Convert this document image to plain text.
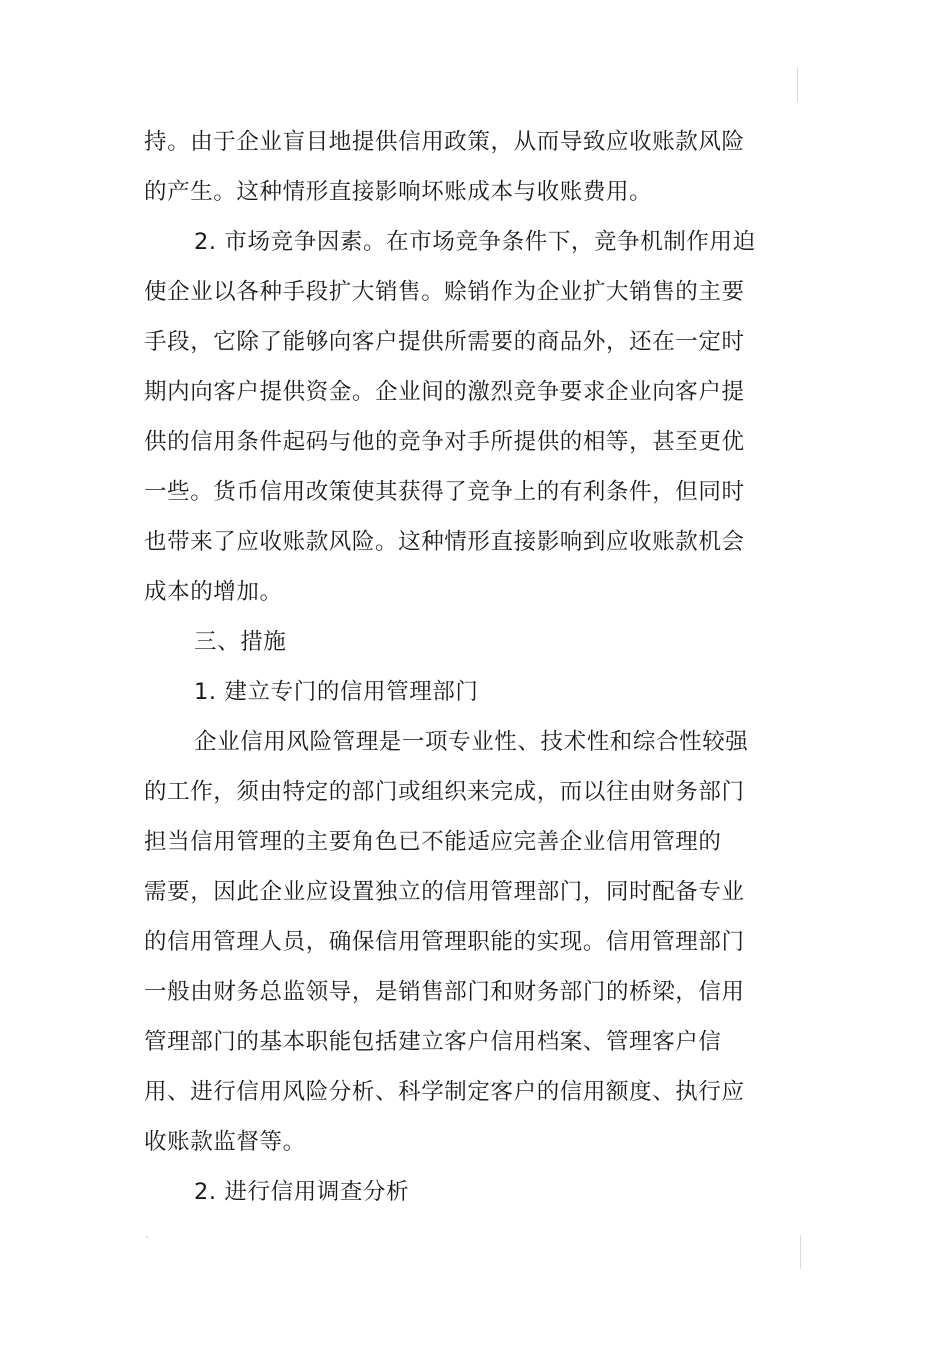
持。由于企业盲目地提供信用政策，从而导致应收账款风险
的产生。这种情形直接影响坏账成本与收账费用。
2. 市场竞争因素。在市场竞争条件下，竞争机制作用迫
使企业以各种手段扩大销售。赊销作为企业扩大销售的主要
手段，它除了能够向客户提供所需要的商品外，还在一定时
期内向客户提供资金。企业间的激烈竞争要求企业向客户提
供的信用条件起码与他的竞争对手所提供的相等，甚至更优
一些。货币信用改策使其获得了竞争上的有利条件，但同时
也带来了应收账款风险。这种情形直接影响到应收账款机会
成本的增加。
三、措施
1. 建立专门的信用管理部门
企业信用风险管理是一项专业性、技术性和综合性较强
的工作，须由特定的部门或组织来完成，而以往由财务部门
担当信用管理的主要角色已不能适应完善企业信用管理的
需要，因此企业应设置独立的信用管理部门，同时配备专业
的信用管理人员，确保信用管理职能的实现。信用管理部门
一般由财务总监领导，是销售部门和财务部门的桥梁，信用
管理部门的基本职能包括建立客户信用档案、管理客户信
用、进行信用风险分析、科学制定客户的信用额度、执行应
收账款监督等。
2. 进行信用调查分析
